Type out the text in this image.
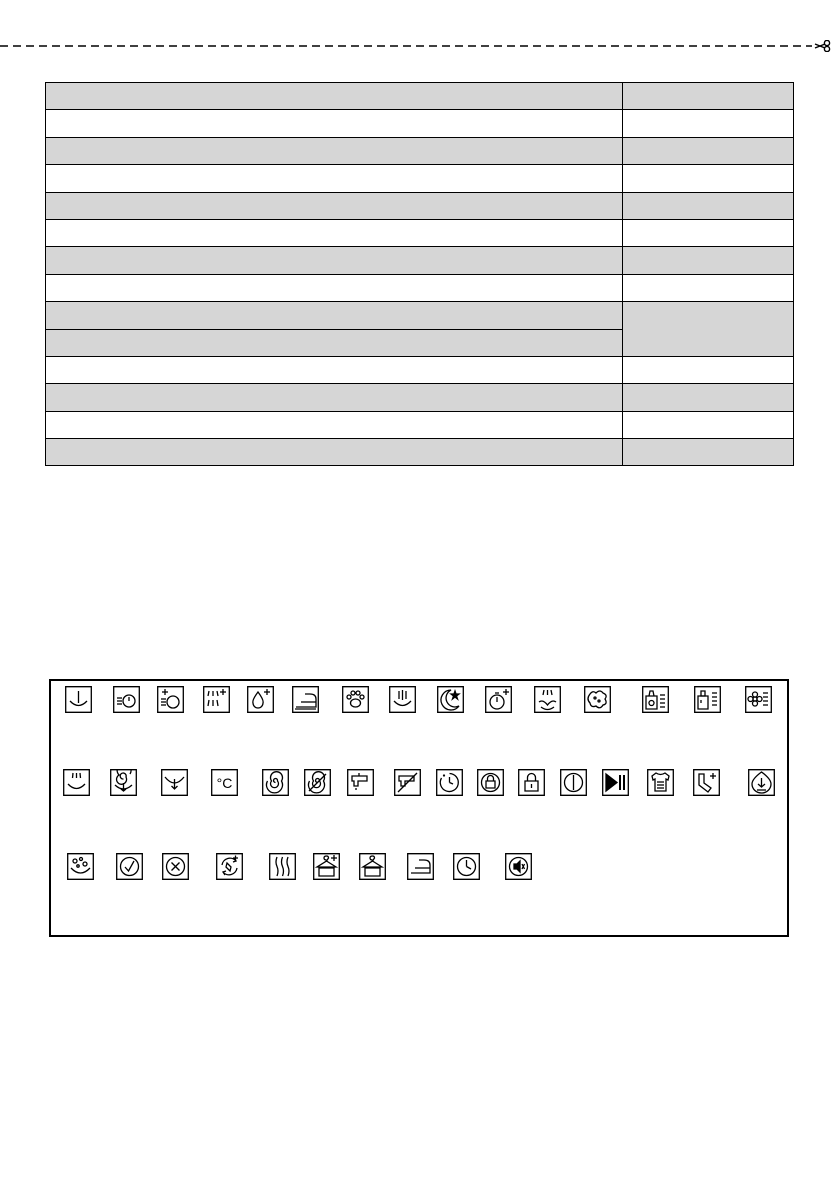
°C
